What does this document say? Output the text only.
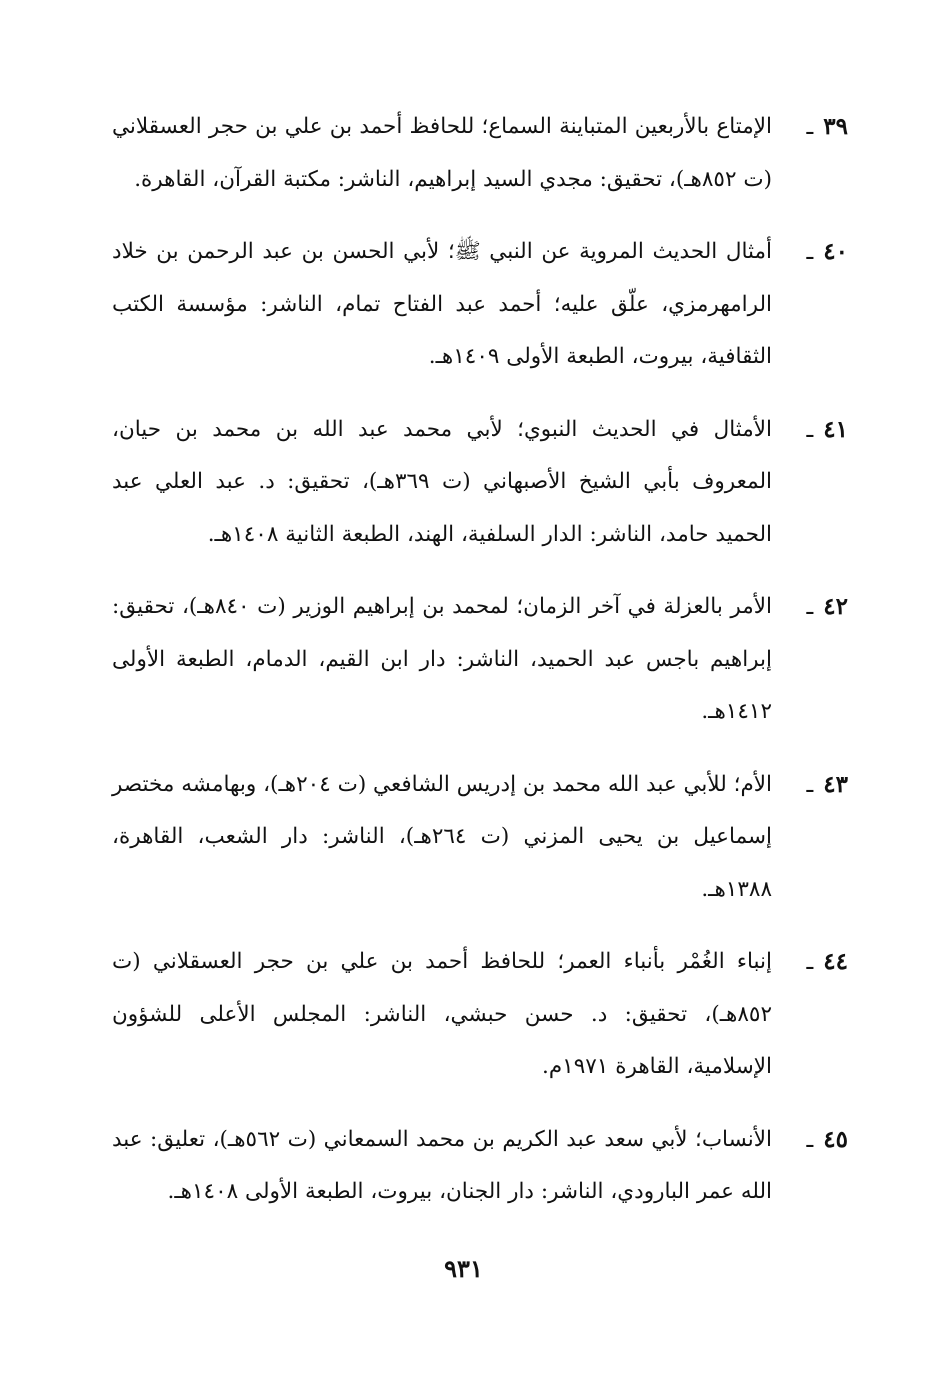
٣٩ـ
الإمتاع بالأربعين المتباينة السماع؛ للحافظ أحمد بن علي بن حجر العسقلاني (ت ٨٥٢هـ)، تحقيق: مجدي السيد إبراهيم، الناشر: مكتبة القرآن، القاهرة.
٤٠ـ
أمثال الحديث المروية عن النبي ﷺ؛ لأبي الحسن بن عبد الرحمن بن خلاد الرامهرمزي، علّق عليه؛ أحمد عبد الفتاح تمام، الناشر: مؤسسة الكتب الثقافية، بيروت، الطبعة الأولى ١٤٠٩هـ.
٤١ـ
الأمثال في الحديث النبوي؛ لأبي محمد عبد الله بن محمد بن حيان، المعروف بأبي الشيخ الأصبهاني (ت ٣٦٩هـ)، تحقيق: د. عبد العلي عبد الحميد حامد، الناشر: الدار السلفية، الهند، الطبعة الثانية ١٤٠٨هـ.
٤٢ـ
الأمر بالعزلة في آخر الزمان؛ لمحمد بن إبراهيم الوزير (ت ٨٤٠هـ)، تحقيق: إبراهيم باجس عبد الحميد، الناشر: دار ابن القيم، الدمام، الطبعة الأولى ١٤١٢هـ.
٤٣ـ
الأم؛ للأبي عبد الله محمد بن إدريس الشافعي (ت ٢٠٤هـ)، وبهامشه مختصر إسماعيل بن يحيى المزني (ت ٢٦٤هـ)، الناشر: دار الشعب، القاهرة، ١٣٨٨هـ.
٤٤ـ
إنباء الغُمْر بأنباء العمر؛ للحافظ أحمد بن علي بن حجر العسقلاني (ت ٨٥٢هـ)، تحقيق: د. حسن حبشي، الناشر: المجلس الأعلى للشؤون الإسلامية، القاهرة ١٩٧١م.
٤٥ـ
الأنساب؛ لأبي سعد عبد الكريم بن محمد السمعاني (ت ٥٦٢هـ)، تعليق: عبد الله عمر البارودي، الناشر: دار الجنان، بيروت، الطبعة الأولى ١٤٠٨هـ.
٩٣١
